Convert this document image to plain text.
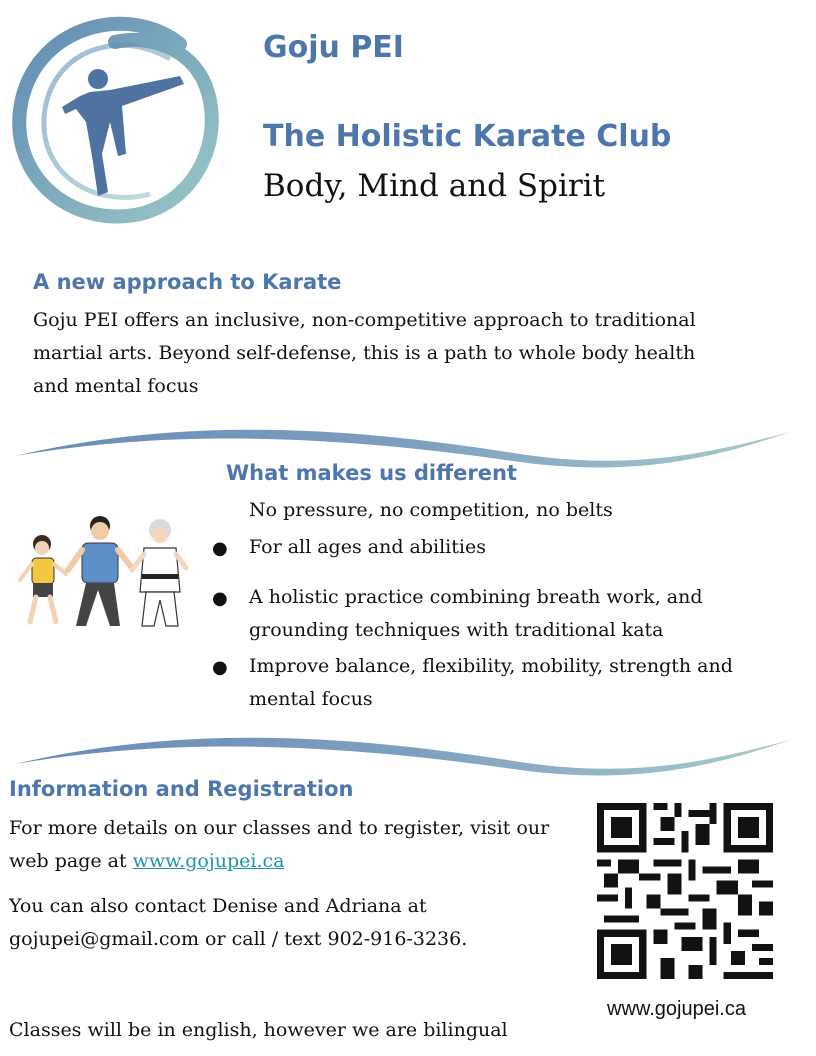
Goju PEI
The Holistic Karate Club
Body, Mind and Spirit
A new approach to Karate
Goju PEI offers an inclusive, non-competitive approach to traditional
martial arts. Beyond self-defense, this is a path to whole body health
and mental focus
What makes us different
No pressure, no competition, no belts
● For all ages and abilities
● A holistic practice combining breath work, and
grounding techniques with traditional kata
● Improve balance, flexibility, mobility, strength and
mental focus
Information and Registration
For more details on our classes and to register, visit our
web page at www.gojupei.ca
You can also contact Denise and Adriana at
gojupei@gmail.com or call / text 902-916-3236.
Classes will be in english, however we are bilingual
www.gojupei.ca
